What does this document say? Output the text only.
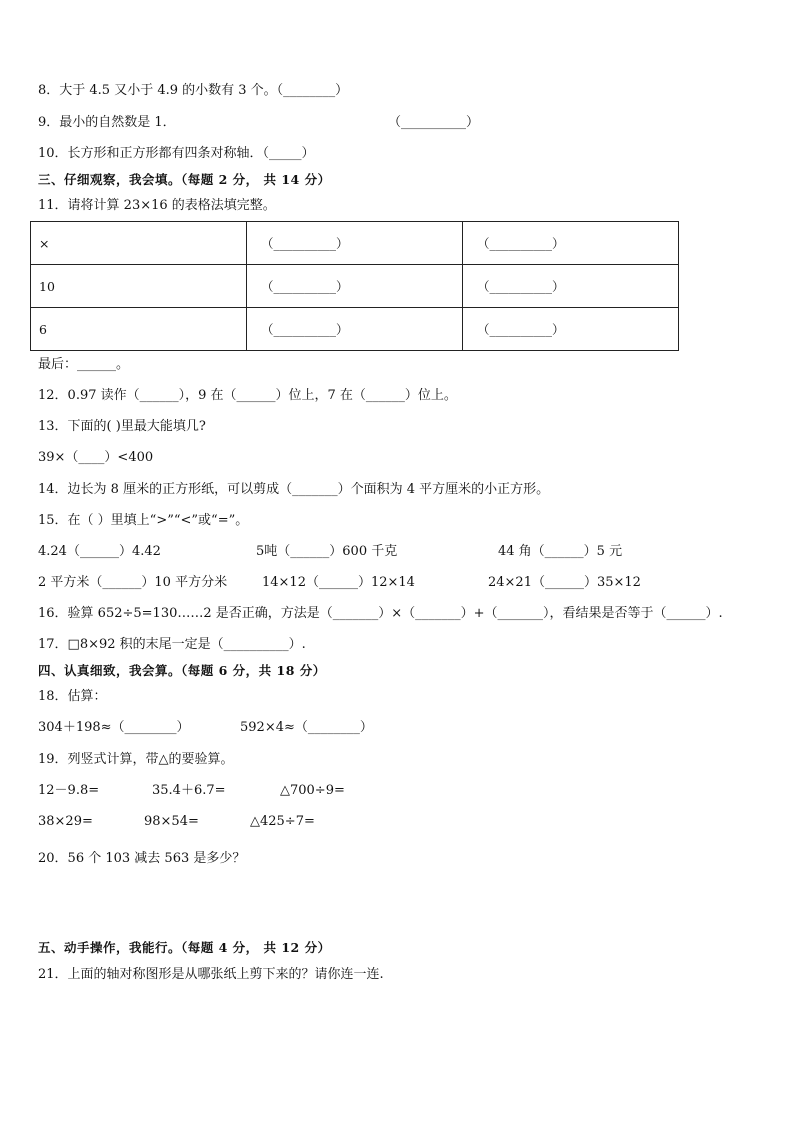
8．大于 4.5 又小于 4.9 的小数有 3 个。（________）
9．最小的自然数是 1．	（__________）
10．长方形和正方形都有四条对称轴．（_____）
三、仔细观察，我会填。（每题 2 分， 共 14 分）
11．请将计算 23×16 的表格法填完整。
×	（__________）	（__________）
10	（__________）	（__________）
6	（__________）	（__________）
最后：______。
12．0.97 读作（______），9 在（______）位上，7 在（______）位上。
13．下面的( )里最大能填几?
39×（____）<400
14．边长为 8 厘米的正方形纸，可以剪成（_______）个面积为 4 平方厘米的小正方形。
15．在（ ）里填上“>”“<”或“=”。
4.24（______）4.42	5吨（______）600 千克	44 角（______）5 元
2 平方米（______）10 平方分米	14×12（______）12×14	24×21（______）35×12
16．验算 652÷5=130……2 是否正确，方法是（_______）×（_______）+（_______），看结果是否等于（______）.
17．□8×92 积的末尾一定是（__________）.
四、认真细致，我会算。（每题 6 分，共 18 分）
18．估算：
304＋198≈（________）	592×4≈（________）
19．列竖式计算，带△的要验算。
12－9.8=	35.4＋6.7=	△700÷9=
38×29=	98×54=	△425÷7=
20．56 个 103 减去 563 是多少？
五、动手操作，我能行。（每题 4 分， 共 12 分）
21．上面的轴对称图形是从哪张纸上剪下来的？请你连一连.
